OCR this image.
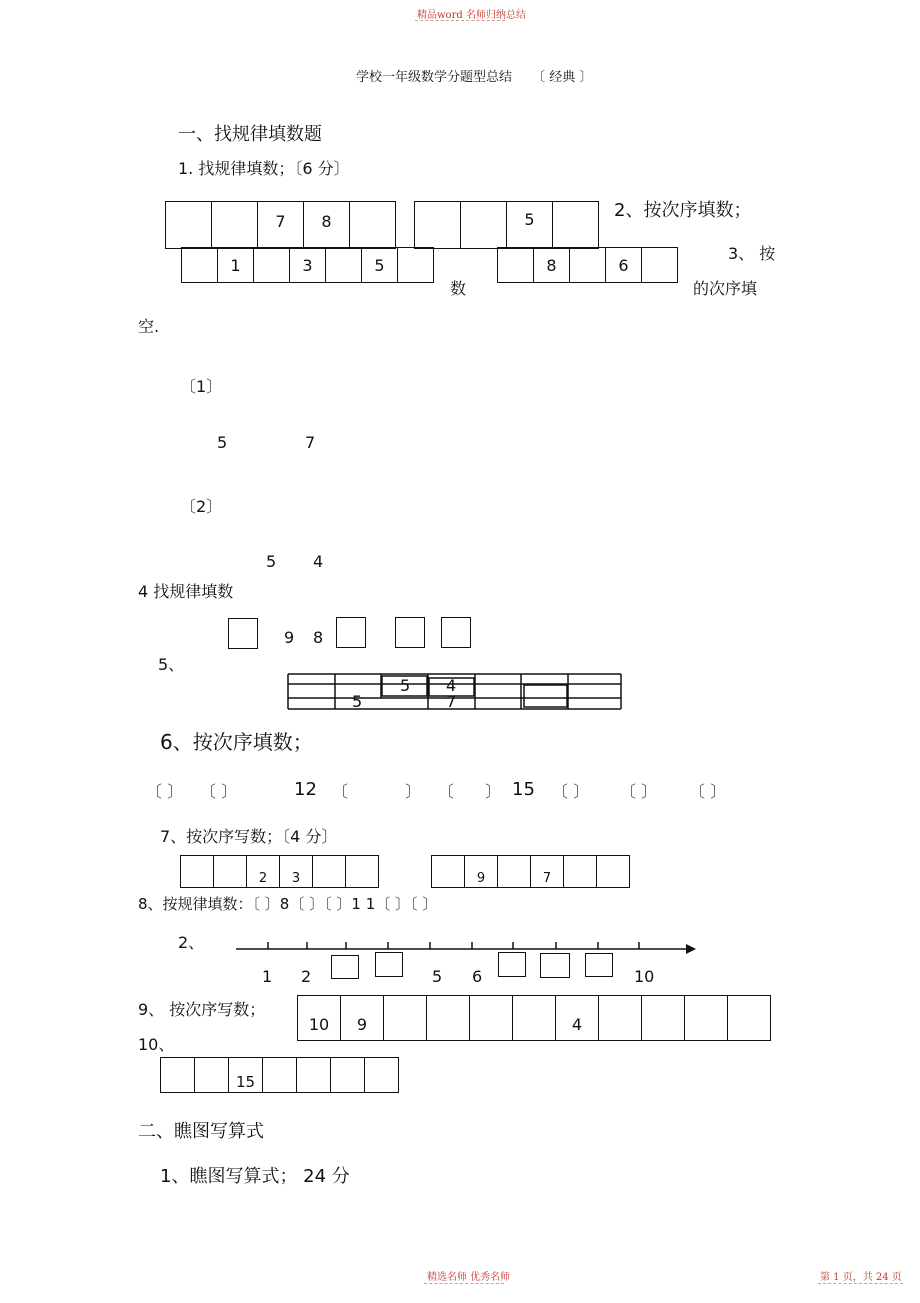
精品word 名师归纳总结
学校一年级数学分题型总结 〔 经典 〕
一、找规律填数题
1. 找规律填数；〔6 分〕
7	8	5	2、按次序填数；
1	3	5	8	6
3、 按
数	的次序填
空.
〔1〕
5	7
〔2〕
5 4
4 找规律填数
9 8
5、
5 4
5	7
6、按次序填数；
〔 〕 〔 〕	12 〔	〕 〔 〕 15 〔 〕 〔 〕 〔 〕
7、按次序写数；〔4 分〕
2	3	9	7
8、按规律填数：〔 〕8〔 〕〔 〕1 1〔 〕〔 〕
2、
1 2	5 6	10
9、 按次序写数；
10、
10	9	4
15
二、瞧图写算式
1、瞧图写算式； 24 分
精选名师 优秀名师	第 1 页，共 24 页
